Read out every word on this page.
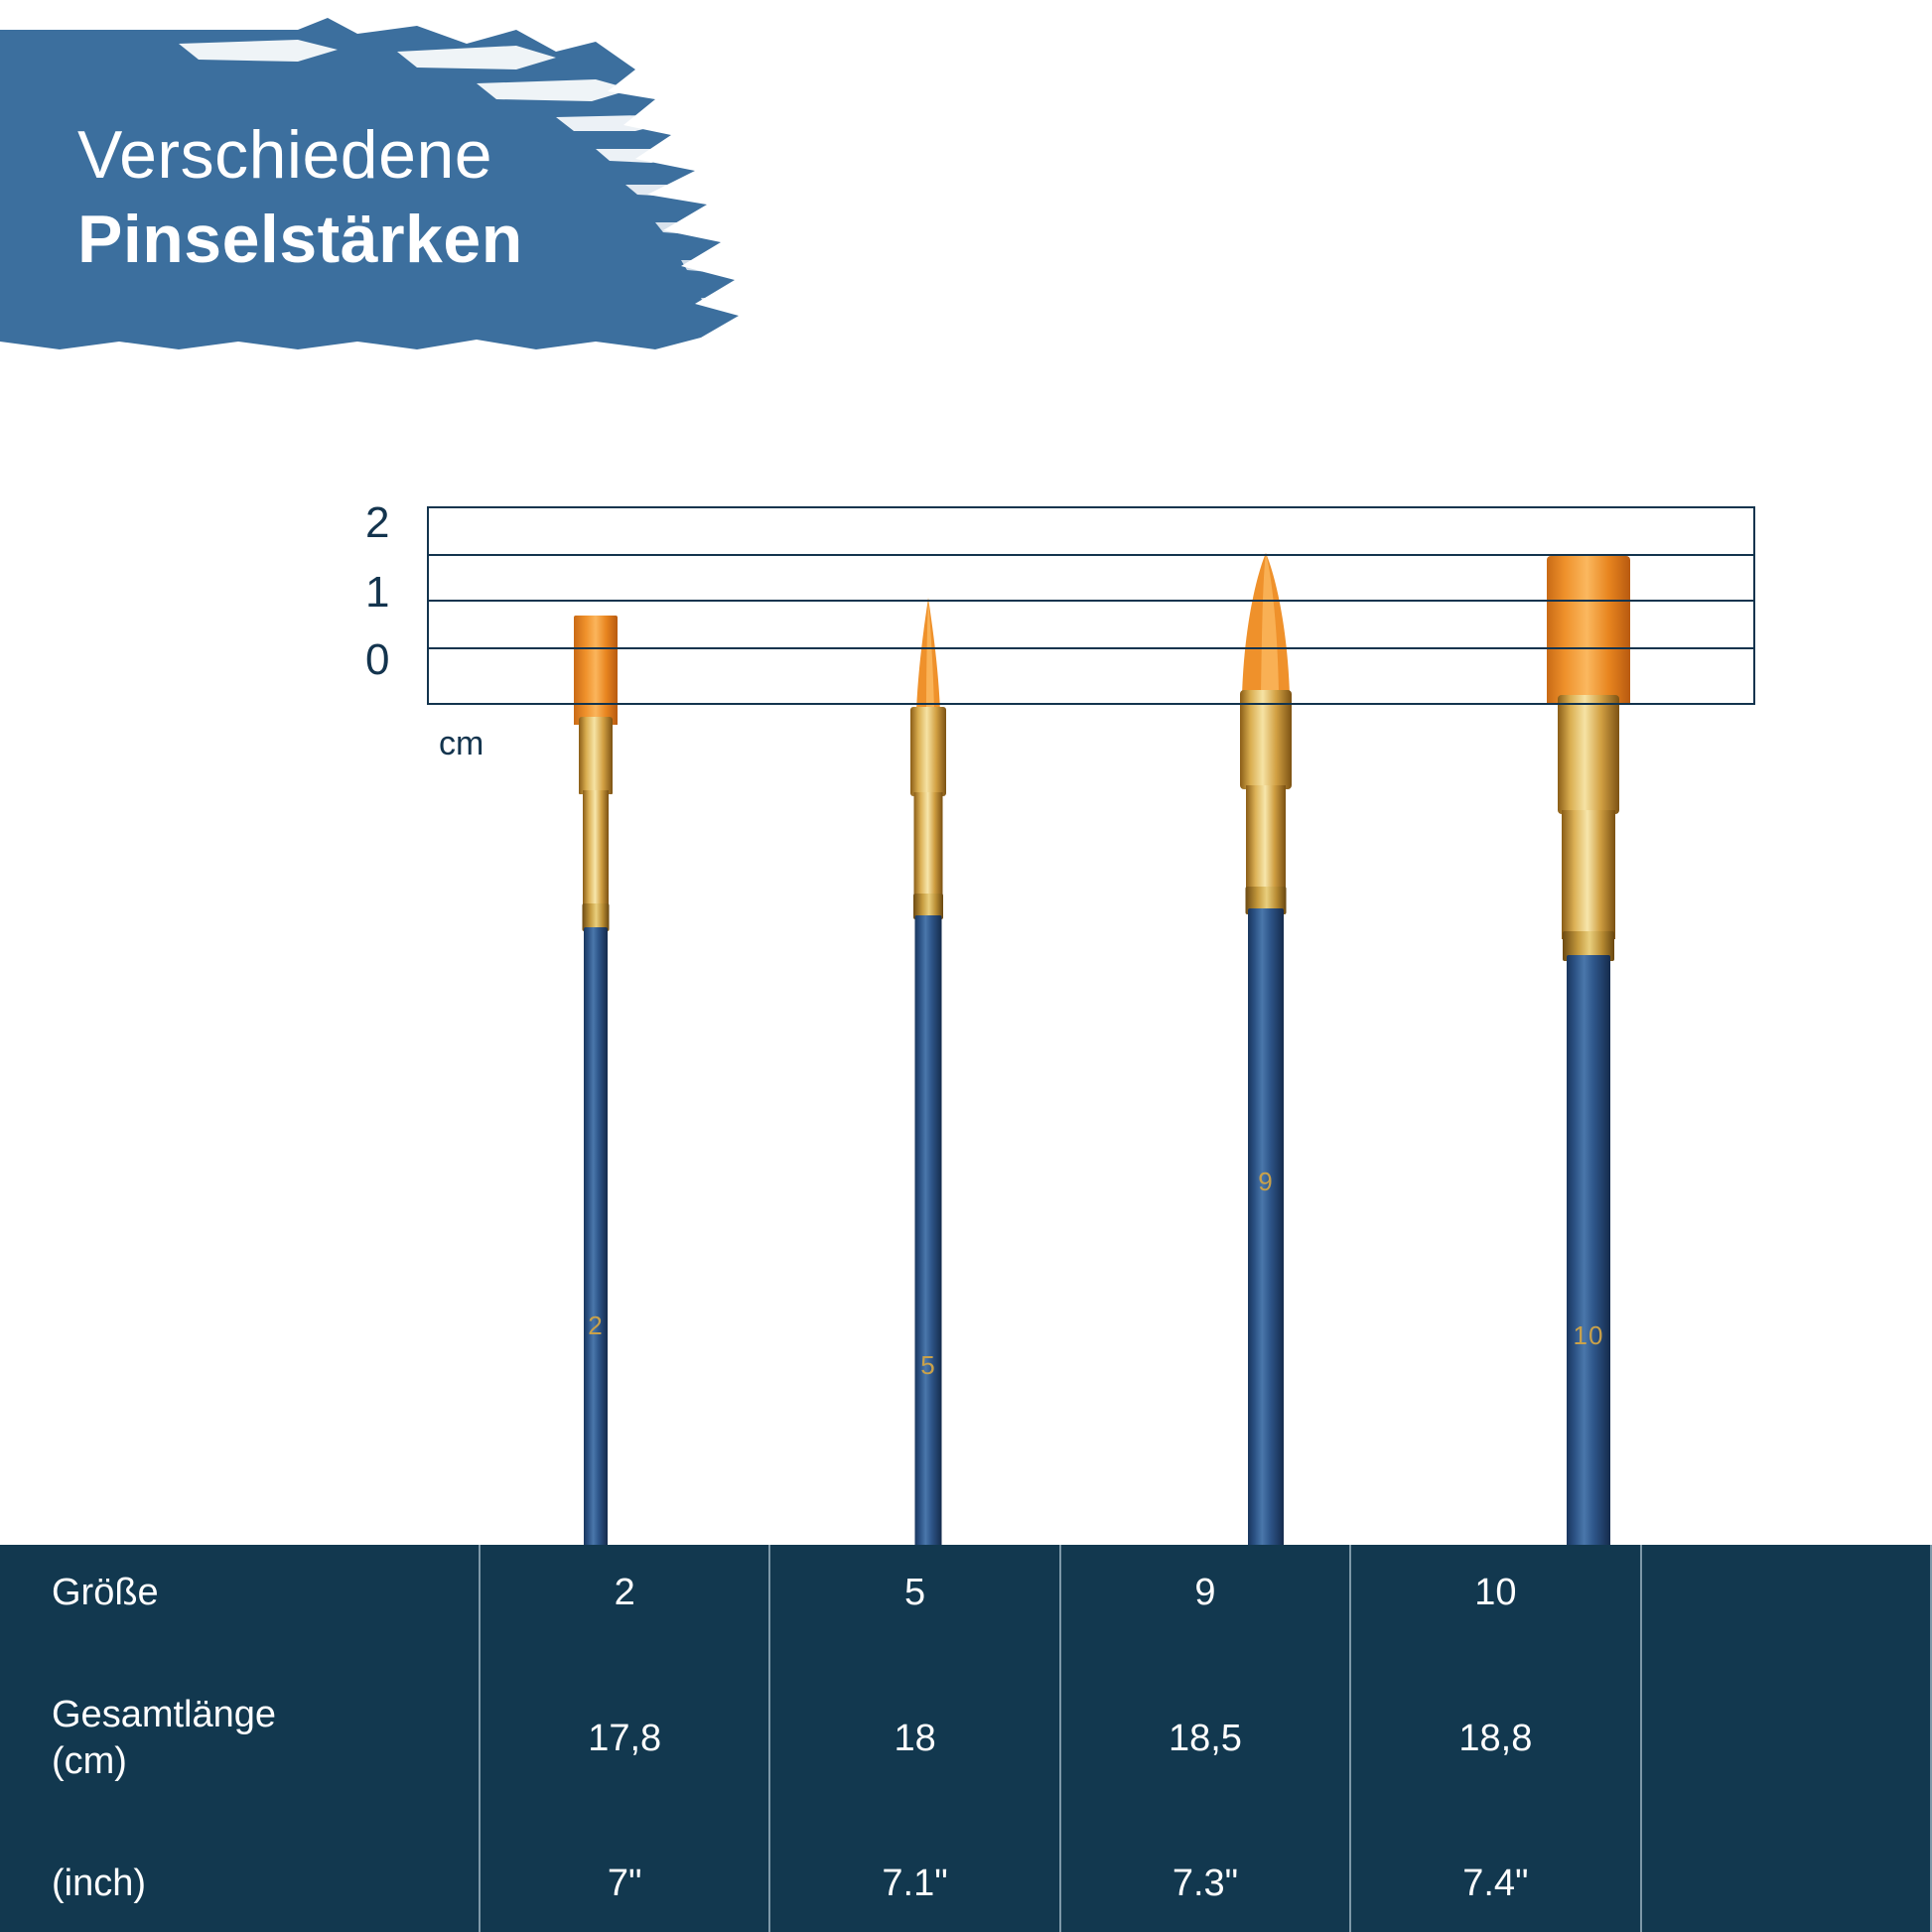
Verschiedene
Pinselstärken
2
5
9
10
2
1
0
cm
Größe	2	5	9	10	
Gesamtlänge
(cm)	17,8	18	18,5	18,8	
(inch)	7"	7.1"	7.3"	7.4"	
